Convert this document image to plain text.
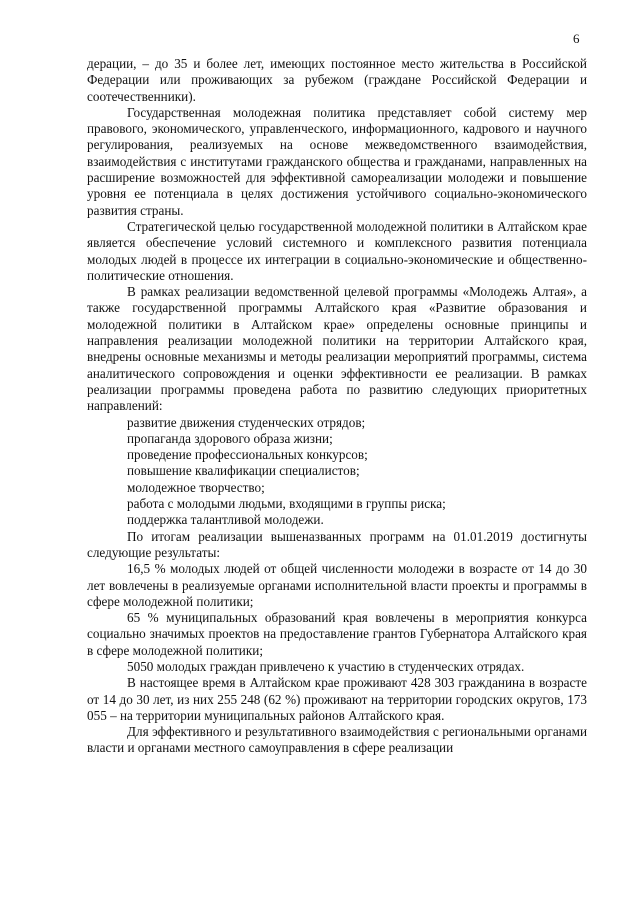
6

дерации, – до 35 и более лет, имеющих постоянное место жительства в Российской Федерации или проживающих за рубежом (граждане Российской Федерации и соотечественники).

Государственная молодежная политика представляет собой систему мер правового, экономического, управленческого, информационного, кадрового и научного регулирования, реализуемых на основе межведомственного взаимодействия, взаимодействия с институтами гражданского общества и гражданами, направленных на расширение возможностей для эффективной самореализации молодежи и повышение уровня ее потенциала в целях достижения устойчивого социально-экономического развития страны.

Стратегической целью государственной молодежной политики в Алтайском крае является обеспечение условий системного и комплексного развития потенциала молодых людей в процессе их интеграции в социально-экономические и общественно-политические отношения.

В рамках реализации ведомственной целевой программы «Молодежь Алтая», а также государственной программы Алтайского края «Развитие образования и молодежной политики в Алтайском крае» определены основные принципы и направления реализации молодежной политики на территории Алтайского края, внедрены основные механизмы и методы реализации мероприятий программы, система аналитического сопровождения и оценки эффективности ее реализации. В рамках реализации программы проведена работа по развитию следующих приоритетных направлений:

развитие движения студенческих отрядов;

пропаганда здорового образа жизни;

проведение профессиональных конкурсов;

повышение квалификации специалистов;

молодежное творчество;

работа с молодыми людьми, входящими в группы риска;

поддержка талантливой молодежи.

По итогам реализации вышеназванных программ на 01.01.2019 достигнуты следующие результаты:

16,5 % молодых людей от общей численности молодежи в возрасте от 14 до 30 лет вовлечены в реализуемые органами исполнительной власти проекты и программы в сфере молодежной политики;

65 % муниципальных образований края вовлечены в мероприятия конкурса социально значимых проектов на предоставление грантов Губернатора Алтайского края в сфере молодежной политики;

5050 молодых граждан привлечено к участию в студенческих отрядах.

В настоящее время в Алтайском крае проживают 428 303 гражданина в возрасте от 14 до 30 лет, из них 255 248 (62 %) проживают на территории городских округов, 173 055 – на территории муниципальных районов Алтайского края.

Для эффективного и результативного взаимодействия с региональными органами власти и органами местного самоуправления в сфере реализации
